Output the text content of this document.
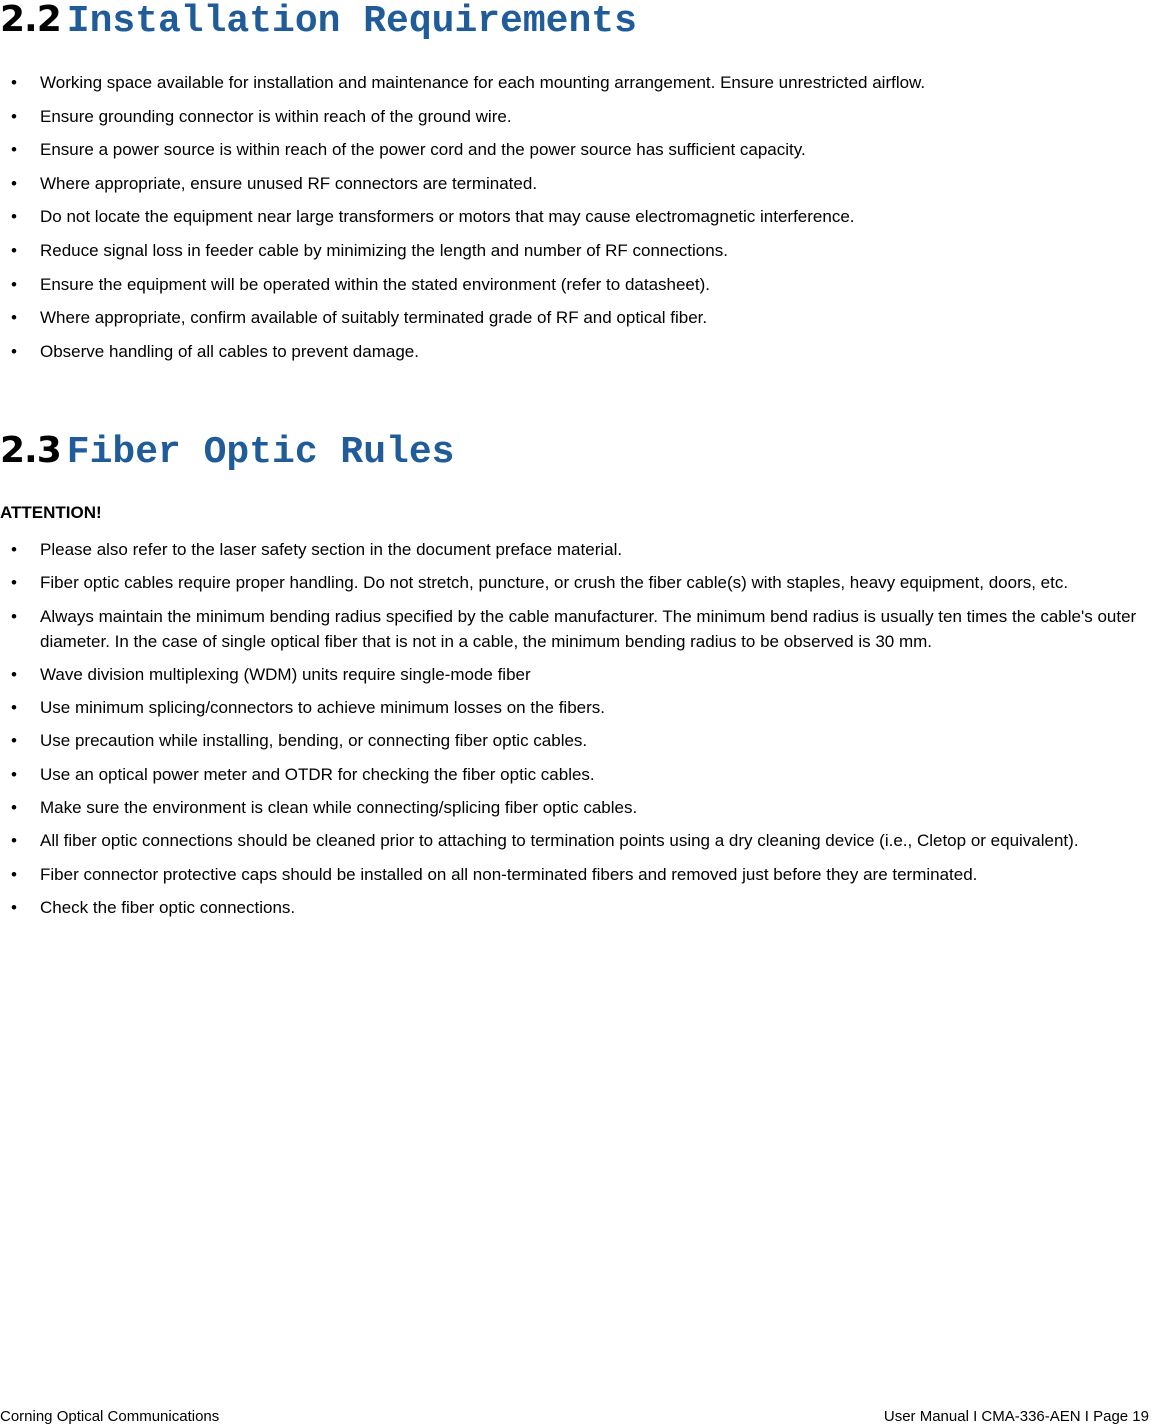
2.2 Installation Requirements
• Working space available for installation and maintenance for each mounting arrangement. Ensure unrestricted airflow.
• Ensure grounding connector is within reach of the ground wire.
• Ensure a power source is within reach of the power cord and the power source has sufficient capacity.
• Where appropriate, ensure unused RF connectors are terminated.
• Do not locate the equipment near large transformers or motors that may cause electromagnetic interference.
• Reduce signal loss in feeder cable by minimizing the length and number of RF connections.
• Ensure the equipment will be operated within the stated environment (refer to datasheet).
• Where appropriate, confirm available of suitably terminated grade of RF and optical fiber.
• Observe handling of all cables to prevent damage.
2.3 Fiber Optic Rules

ATTENTION!

• Please also refer to the laser safety section in the document preface material.
• Fiber optic cables require proper handling. Do not stretch, puncture, or crush the fiber cable(s) with staples, heavy equipment, doors, etc.
• Always maintain the minimum bending radius specified by the cable manufacturer. The minimum bend radius is usually ten times the cable's outer diameter. In the case of single optical fiber that is not in a cable, the minimum bending radius to be observed is 30 mm.
• Wave division multiplexing (WDM) units require single-mode fiber
• Use minimum splicing/connectors to achieve minimum losses on the fibers.
• Use precaution while installing, bending, or connecting fiber optic cables.
• Use an optical power meter and OTDR for checking the fiber optic cables.
• Make sure the environment is clean while connecting/splicing fiber optic cables.
• All fiber optic connections should be cleaned prior to attaching to termination points using a dry cleaning device (i.e., Cletop or equivalent).
• Fiber connector protective caps should be installed on all non-terminated fibers and removed just before they are terminated.
• Check the fiber optic connections.
Corning Optical Communications	User Manual I CMA-336-AEN I Page 19
